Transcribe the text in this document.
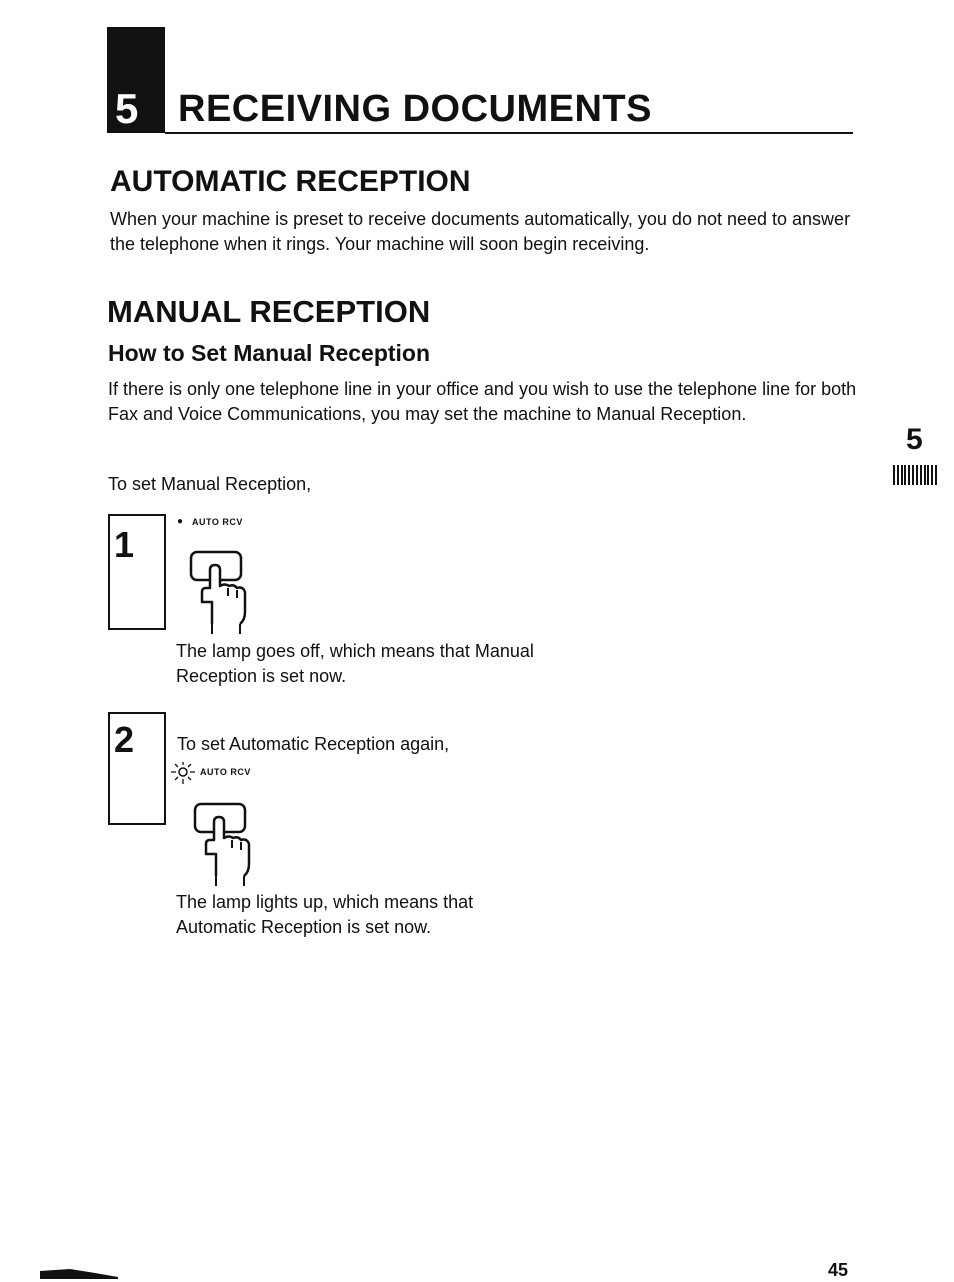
5 RECEIVING DOCUMENTS
AUTOMATIC RECEPTION
When your machine is preset to receive documents automatically, you do not need to answer the telephone when it rings. Your machine will soon begin receiving.
MANUAL RECEPTION
How to Set Manual Reception
If there is only one telephone line in your office and you wish to use the telephone line for both Fax and Voice Communications, you may set the machine to Manual Reception.
To set Manual Reception,
5
1
● AUTO RCV
The lamp goes off, which means that Manual Reception is set now.
2 To set Automatic Reception again,
AUTO RCV
The lamp lights up, which means that Automatic Reception is set now.
45
